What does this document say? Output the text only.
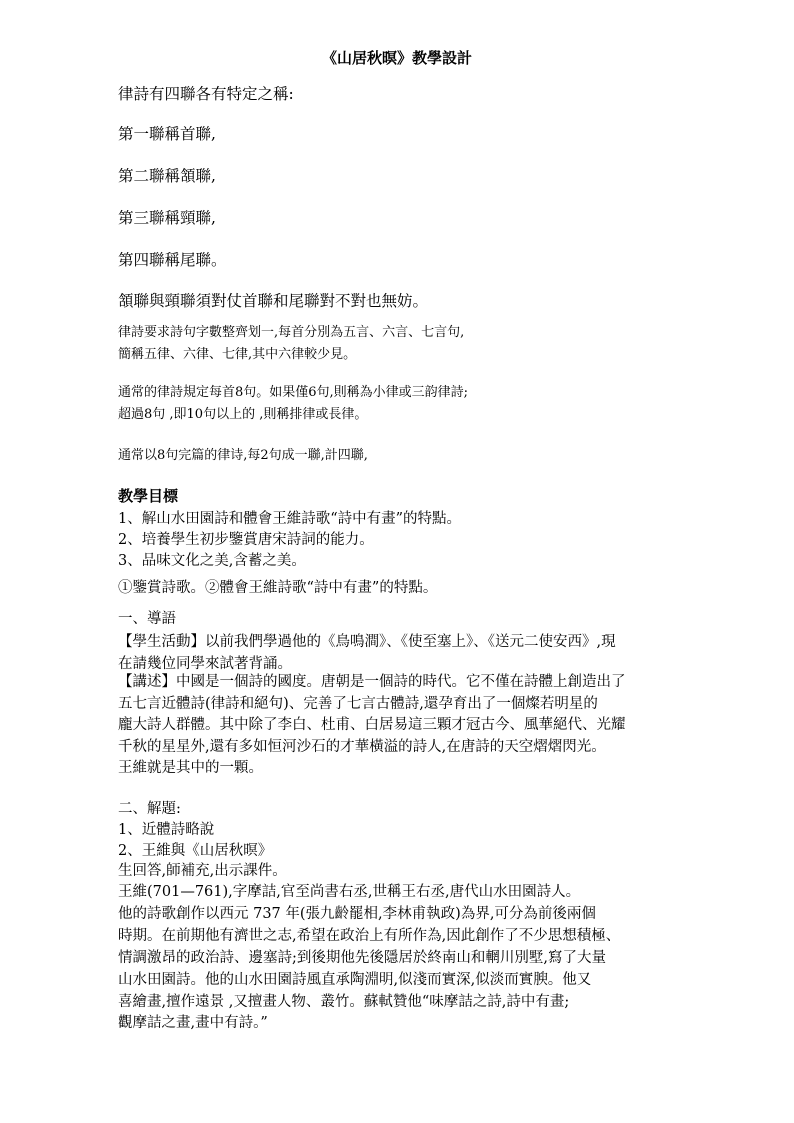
《山居秋暝》教學設計
律詩有四聯各有特定之稱:
第一聯稱首聯,
第二聯稱頷聯,
第三聯稱頸聯,
第四聯稱尾聯。
頷聯與頸聯須對仗首聯和尾聯對不對也無妨。
律詩要求詩句字數整齊划一,每首分別為五言、六言、七言句,
簡稱五律、六律、七律,其中六律較少見。
通常的律詩規定每首8句。如果僅6句,則稱為小律或三韵律詩;
超過8句 ,即10句以上的 ,則稱排律或長律。
通常以8句完篇的律诗,每2句成一聯,計四聯,
教學目標
1、解山水田園詩和體會王維詩歌“詩中有畫”的特點。
2、培養學生初步鑒賞唐宋詩詞的能力。
3、品味文化之美,含蓄之美。
①鑒賞詩歌。②體會王維詩歌“詩中有畫”的特點。
一、導語
【學生活動】以前我們學過他的《鳥鳴澗》、《使至塞上》、《送元二使安西》,現
在請幾位同學來試著背誦。
【講述】中國是一個詩的國度。唐朝是一個詩的時代。它不僅在詩體上創造出了
五七言近體詩(律詩和絕句)、完善了七言古體詩,還孕育出了一個燦若明星的
龐大詩人群體。其中除了李白、杜甫、白居易這三顆才冠古今、風華絕代、光耀
千秋的星星外,還有多如恒河沙石的才華橫溢的詩人,在唐詩的天空熠熠閃光。
王維就是其中的一顆。
二、解題:
1、近體詩略說
2、王維與《山居秋暝》
生回答,師補充,出示課件。
王維(701—761),字摩詰,官至尚書右丞,世稱王右丞,唐代山水田園詩人。
他的詩歌創作以西元 737 年(張九齡罷相,李林甫執政)為界,可分為前後兩個
時期。在前期他有濟世之志,希望在政治上有所作為,因此創作了不少思想積極、
情調激昂的政治詩、邊塞詩;到後期他先後隱居於終南山和輞川別墅,寫了大量
山水田園詩。他的山水田園詩風直承陶淵明,似淺而實深,似淡而實腴。他又
喜繪畫,擅作遠景 ,又擅畫人物、叢竹。蘇軾贊他“味摩詰之詩,詩中有畫;
觀摩詰之畫,畫中有詩。”
